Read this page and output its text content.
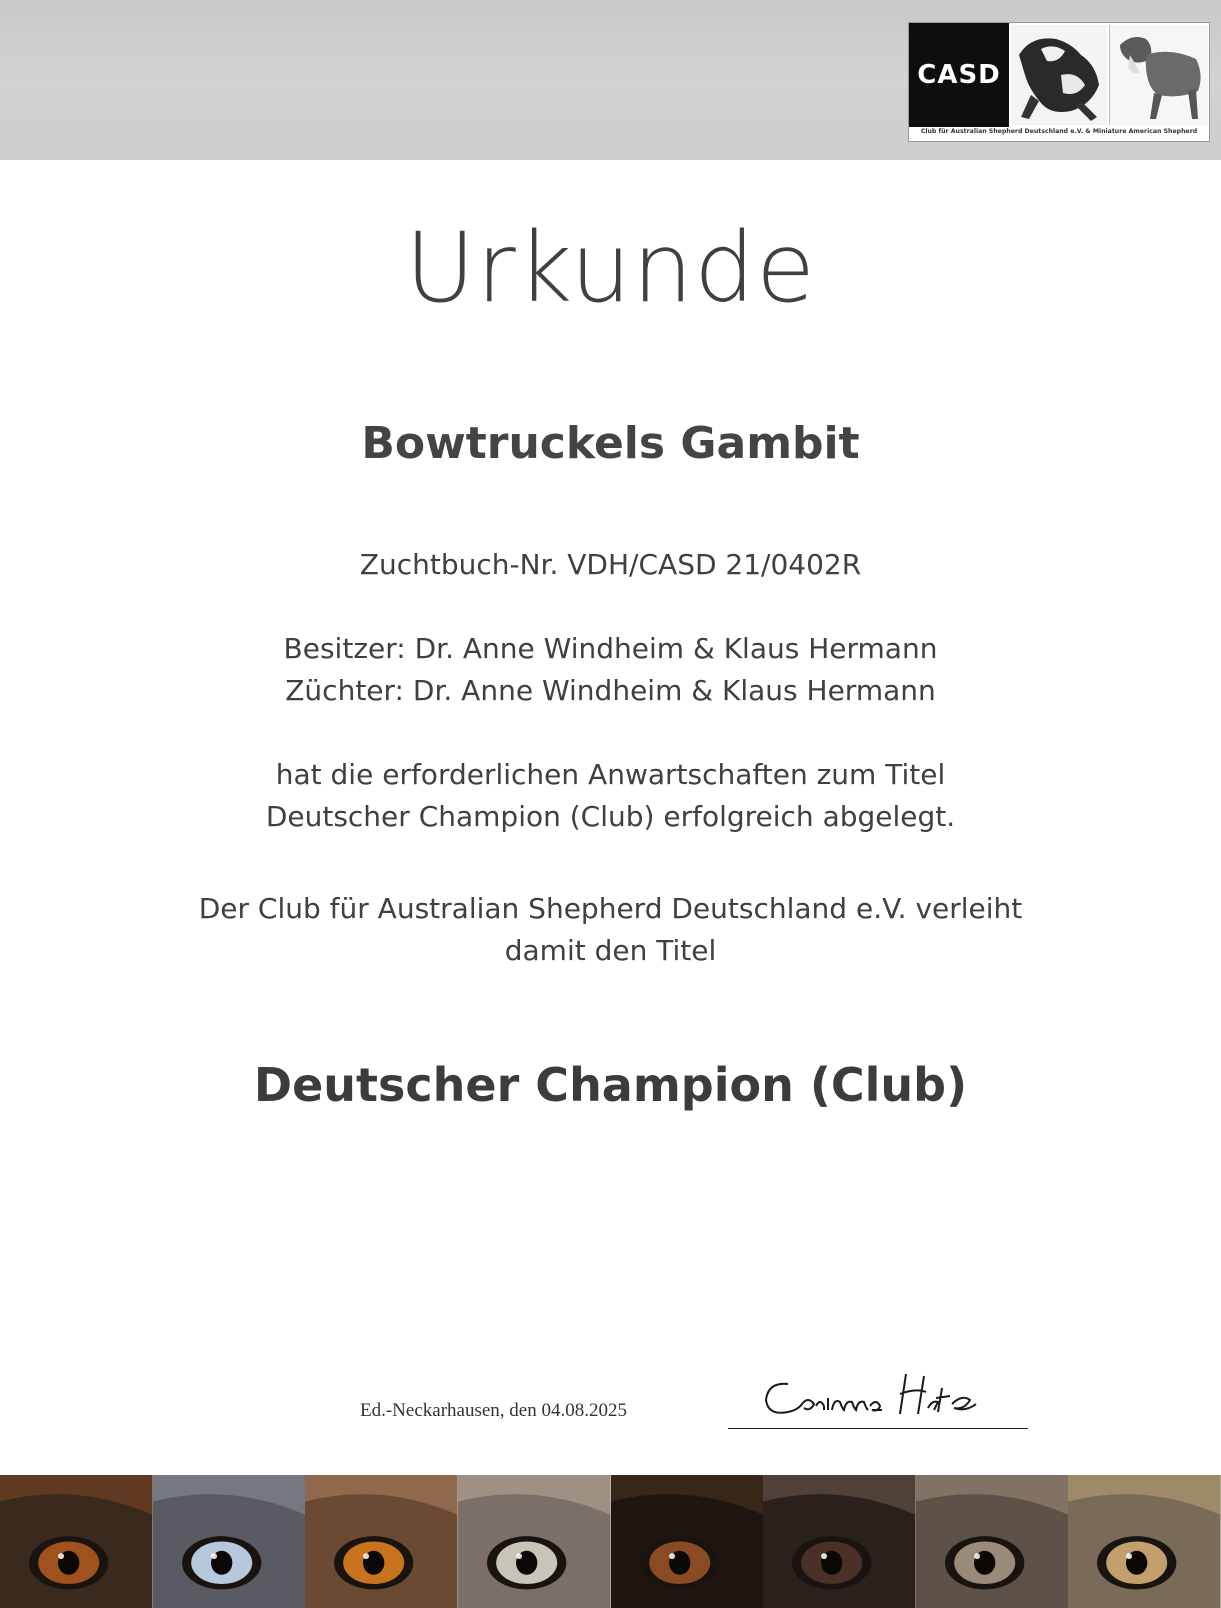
CASD
Club für Australian Shepherd Deutschland e.V. & Miniature American Shepherd
Urkunde
Bowtruckels Gambit
Zuchtbuch-Nr. VDH/CASD 21/0402R
Besitzer: Dr. Anne Windheim & Klaus Hermann
Züchter: Dr. Anne Windheim & Klaus Hermann
hat die erforderlichen Anwartschaften zum Titel
Deutscher Champion (Club) erfolgreich abgelegt.
Der Club für Australian Shepherd Deutschland e.V. verleiht
damit den Titel
Deutscher Champion (Club)
Ed.-Neckarhausen, den 04.08.2025
